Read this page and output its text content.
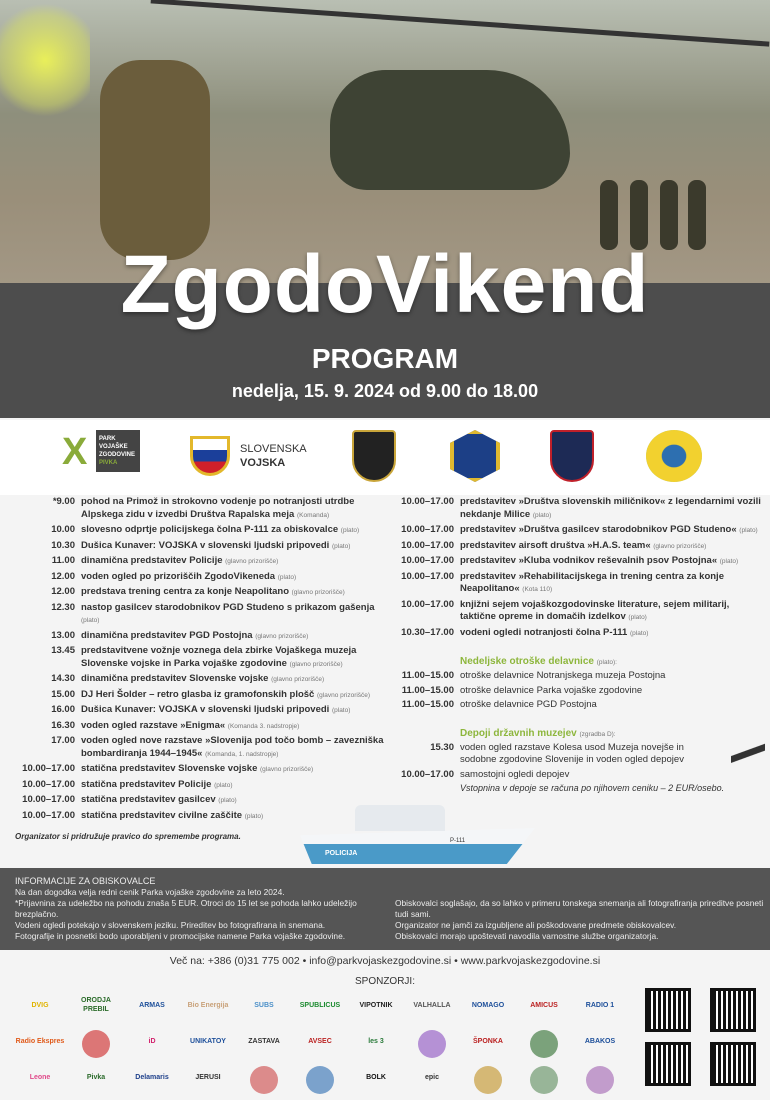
ZgodoVikend
PROGRAM
nedelja, 15. 9. 2024 od 9.00 do 18.00
X	PARK
VOJAŠKE
ZGODOVINE
PIVKA
SLOVENSKA
VOJSKA
POLICIJA
P-111
*9.00 pohod na Primož in strokovno vodenje po notranjosti utrdbe Alpskega zidu v izvedbi Društva Rapalska meja (Komanda)
10.00 slovesno odprtje policijskega čolna P-111 za obiskovalce (plato)
10.30 Dušica Kunaver: VOJSKA v slovenski ljudski pripovedi (plato)
11.00 dinamična predstavitev Policije (glavno prizorišče)
12.00 voden ogled po prizoriščih ZgodoVikeneda (plato)
12.00 predstava trening centra za konje Neapolitano (glavno prizorišče)
12.30 nastop gasilcev starodobnikov PGD Studeno s prikazom gašenja (plato)
13.00 dinamična predstavitev PGD Postojna (glavno prizorišče)
13.45 predstavitvene vožnje voznega dela zbirke Vojaškega muzeja Slovenske vojske in Parka vojaške zgodovine (glavno prizorišče)
14.30 dinamična predstavitev Slovenske vojske (glavno prizorišče)
15.00 DJ Heri Šolder – retro glasba iz gramofonskih plošč (glavno prizorišče)
16.00 Dušica Kunaver: VOJSKA v slovenski ljudski pripovedi (plato)
16.30 voden ogled razstave »Enigma« (Komanda 3. nadstropje)
17.00 voden ogled nove razstave »Slovenija pod točo bomb – zavezniška bombardiranja 1944–1945« (Komanda, 1. nadstropje)
10.00–17.00 statična predstavitev Slovenske vojske (glavno prizorišče)
10.00–17.00 statična predstavitev Policije (plato)
10.00–17.00 statična predstavitev gasilcev (plato)
10.00–17.00 statična predstavitev civilne zaščite (plato)
Organizator si pridružuje pravico do spremembe programa.
10.00–17.00 predstavitev »Društva slovenskih miličnikov« z legendarnimi vozili nekdanje Milice (plato)
10.00–17.00 predstavitev »Društva gasilcev starodobnikov PGD Studeno« (plato)
10.00–17.00 predstavitev airsoft društva »H.A.S. team« (glavno prizorišče)
10.00–17.00 predstavitev »Kluba vodnikov reševalnih psov Postojna« (plato)
10.00–17.00 predstavitev »Rehabilitacijskega in trening centra za konje Neapolitano« (Kota 110)
10.00–17.00 knjižni sejem vojaškozgodovinske literature, sejem militarij, taktične opreme in domačih izdelkov (plato)
10.30–17.00 vodeni ogledi notranjosti čolna P-111 (plato)
Nedeljske otroške delavnice (plato):
11.00–15.00 otroške delavnice Notranjskega muzeja Postojna
11.00–15.00 otroške delavnice Parka vojaške zgodovine
11.00–15.00 otroške delavnice PGD Postojna
Depoji državnih muzejev (zgradba D):
15.30 voden ogled razstave Kolesa usod Muzeja novejše in sodobne zgodovine Slovenije in voden ogled depojev
10.00–17.00 samostojni ogledi depojev
Vstopnina v depoje se računa po njihovem ceniku – 2 EUR/osebo.
INFORMACIJE ZA OBISKOVALCE
Na dan dogodka velja redni cenik Parka vojaške zgodovine za leto 2024.
*Prijavnina za udeležbo na pohodu znaša 5 EUR. Otroci do 15 let se pohoda lahko udeležijo brezplačno.
Vodeni ogledi potekajo v slovenskem jeziku. Prireditev bo fotografirana in snemana.
Fotografije in posnetki bodo uporabljeni v promocijske namene Parka vojaške zgodovine.
Obiskovalci soglašajo, da so lahko v primeru tonskega snemanja ali fotografiranja prireditve posneti tudi sami.
Organizator ne jamči za izgubljene ali poškodovane predmete obiskovalcev.
Obiskovalci morajo upoštevati navodila varnostne službe organizatorja.
Več na: +386 (0)31 775 002 • info@parkvojaskezgodovine.si • www.parkvojaskezgodovine.si
SPONZORJI:
DVIG
ORODJA PREBIL
ARMAS	Bio Energija	SUBS	SPUBLICUS	VIPOTNIK	VALHALLA	NOMAGO	AMICUS	RADIO 1
Radio Ekspres	iD	UNIKATOY	ZASTAVA	AVSEC	les 3	ŠPONKA	ABAKOS
Leone	Pivka	Delamaris	JERUSI	BOLK	epic
